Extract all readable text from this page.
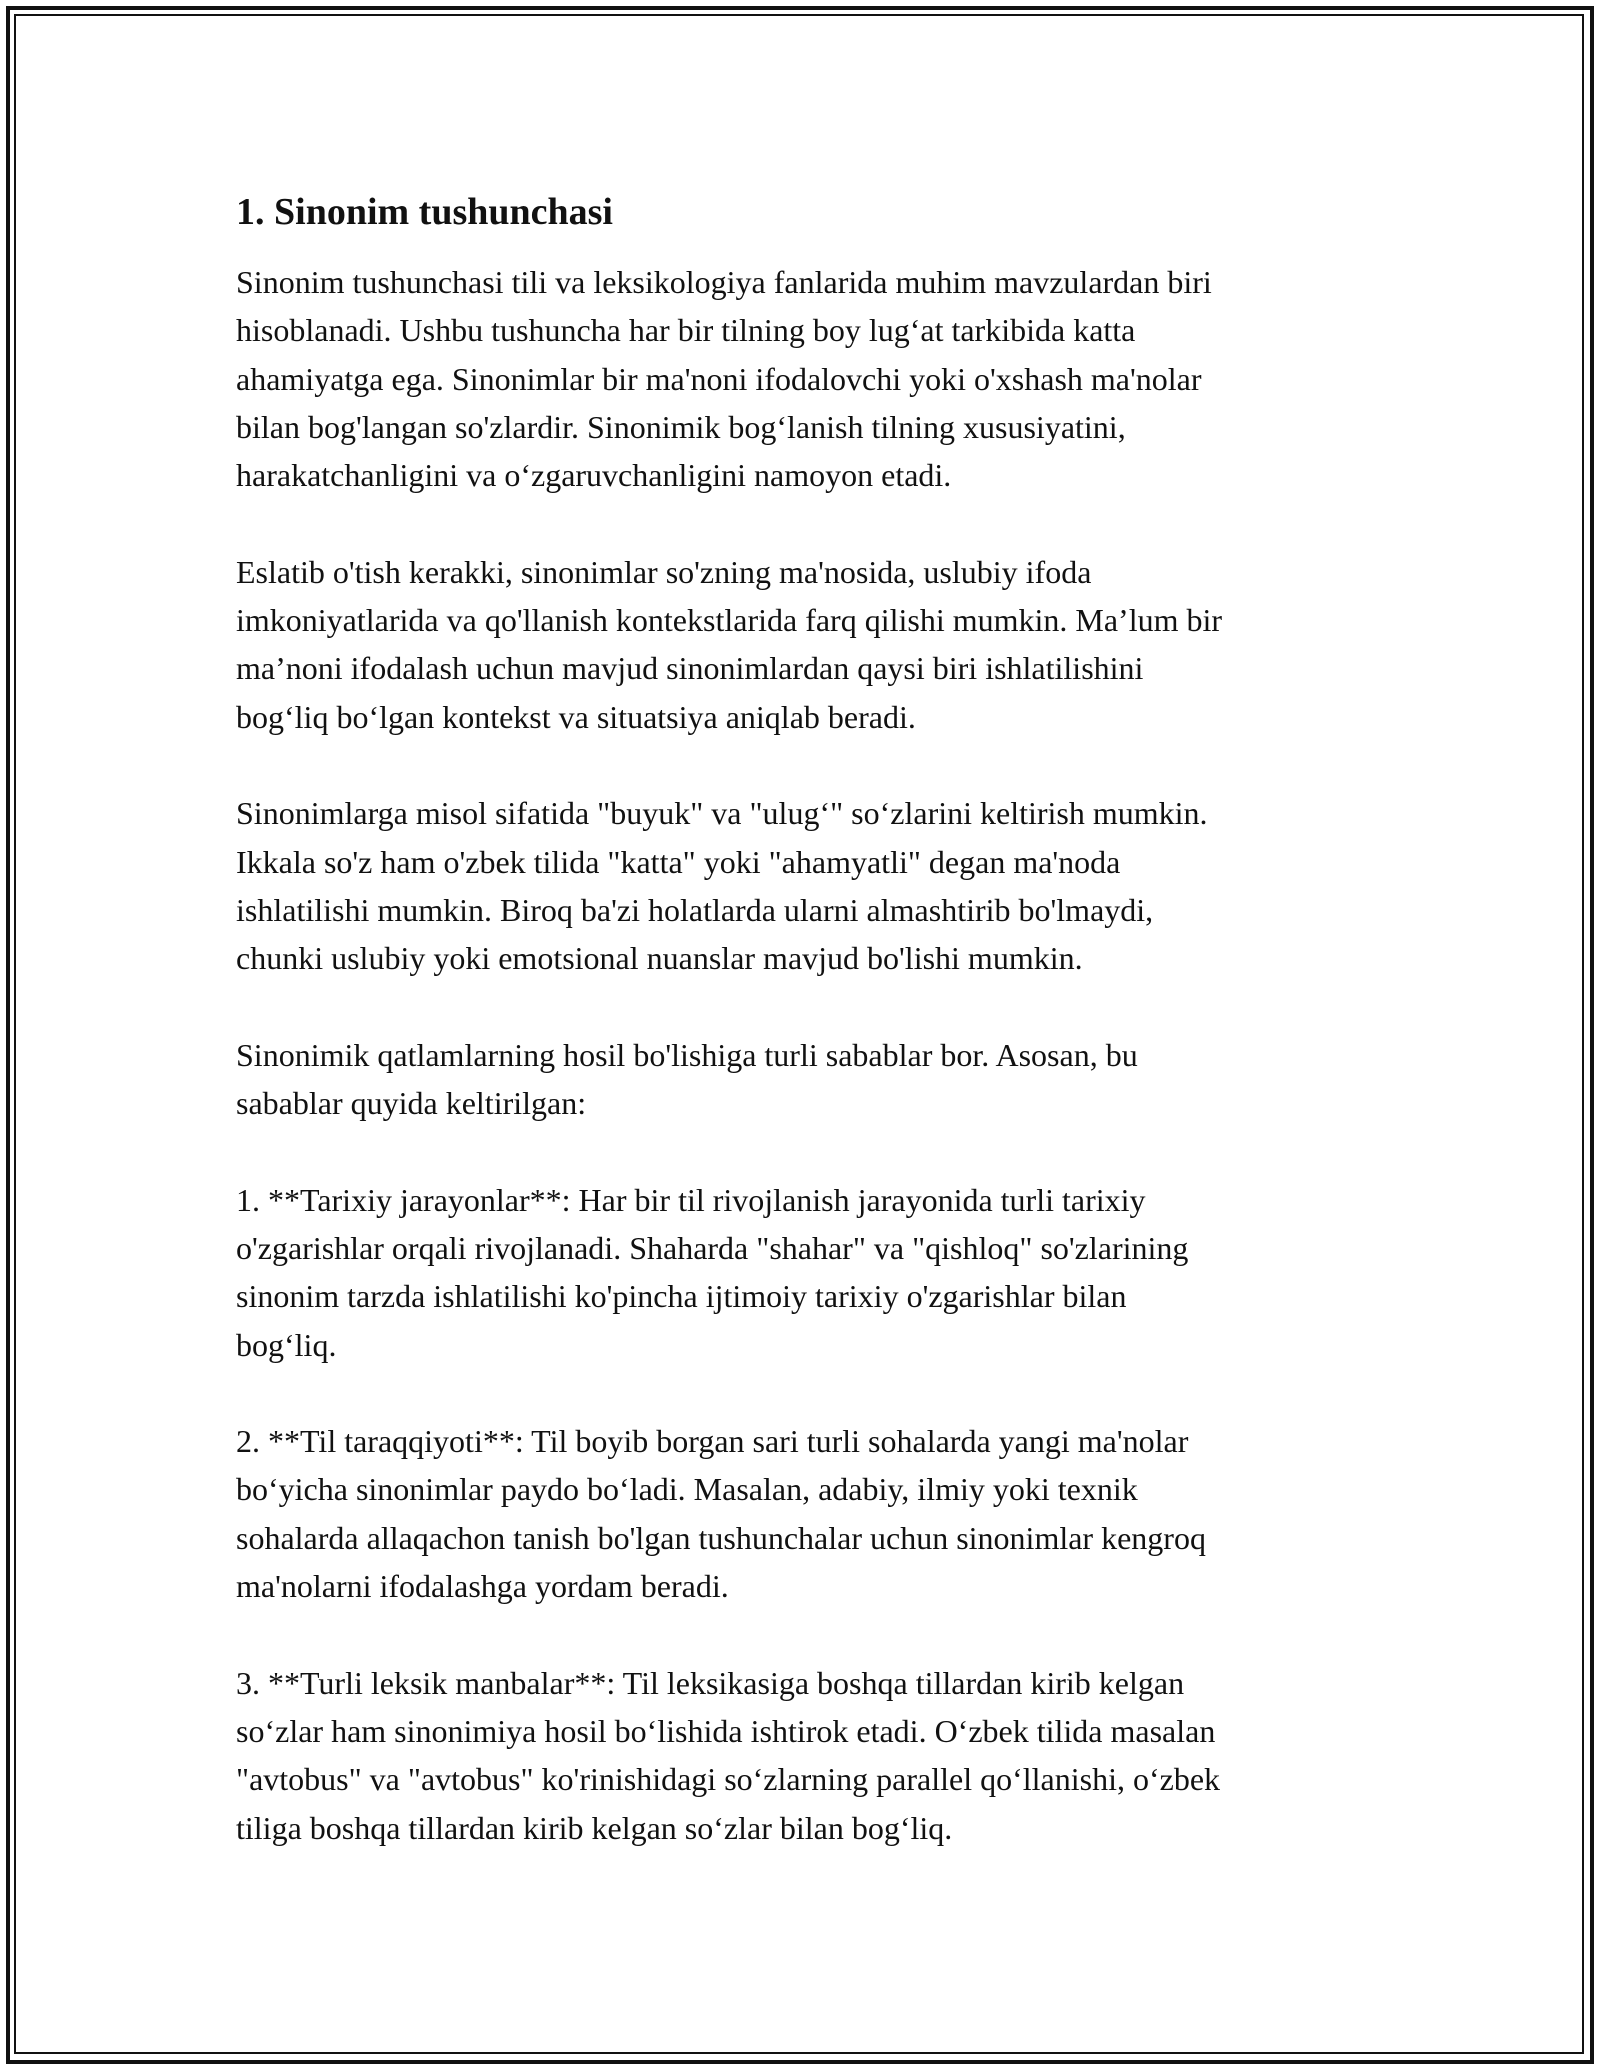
1. Sinonim tushunchasi
Sinonim tushunchasi tili va leksikologiya fanlarida muhim mavzulardan biri
hisoblanadi. Ushbu tushuncha har bir tilning boy lug‘at tarkibida katta
ahamiyatga ega. Sinonimlar bir ma'noni ifodalovchi yoki o'xshash ma'nolar
bilan bog'langan so'zlardir. Sinonimik bog‘lanish tilning xususiyatini,
harakatchanligini va o‘zgaruvchanligini namoyon etadi.
Eslatib o'tish kerakki, sinonimlar so'zning ma'nosida, uslubiy ifoda
imkoniyatlarida va qo'llanish kontekstlarida farq qilishi mumkin. Ma’lum bir
ma’noni ifodalash uchun mavjud sinonimlardan qaysi biri ishlatilishini
bog‘liq bo‘lgan kontekst va situatsiya aniqlab beradi.
Sinonimlarga misol sifatida "buyuk" va "ulug‘" so‘zlarini keltirish mumkin.
Ikkala so'z ham o'zbek tilida "katta" yoki "ahamyatli" degan ma'noda
ishlatilishi mumkin. Biroq ba'zi holatlarda ularni almashtirib bo'lmaydi,
chunki uslubiy yoki emotsional nuanslar mavjud bo'lishi mumkin.
Sinonimik qatlamlarning hosil bo'lishiga turli sabablar bor. Asosan, bu
sabablar quyida keltirilgan:
1. **Tarixiy jarayonlar**: Har bir til rivojlanish jarayonida turli tarixiy
o'zgarishlar orqali rivojlanadi. Shaharda "shahar" va "qishloq" so'zlarining
sinonim tarzda ishlatilishi ko'pincha ijtimoiy tarixiy o'zgarishlar bilan
bog‘liq.
2. **Til taraqqiyoti**: Til boyib borgan sari turli sohalarda yangi ma'nolar
bo‘yicha sinonimlar paydo bo‘ladi. Masalan, adabiy, ilmiy yoki texnik
sohalarda allaqachon tanish bo'lgan tushunchalar uchun sinonimlar kengroq
ma'nolarni ifodalashga yordam beradi.
3. **Turli leksik manbalar**: Til leksikasiga boshqa tillardan kirib kelgan
so‘zlar ham sinonimiya hosil bo‘lishida ishtirok etadi. O‘zbek tilida masalan
"avtobus" va "avtobus" ko'rinishidagi so‘zlarning parallel qo‘llanishi, o‘zbek
tiliga boshqa tillardan kirib kelgan so‘zlar bilan bog‘liq.
